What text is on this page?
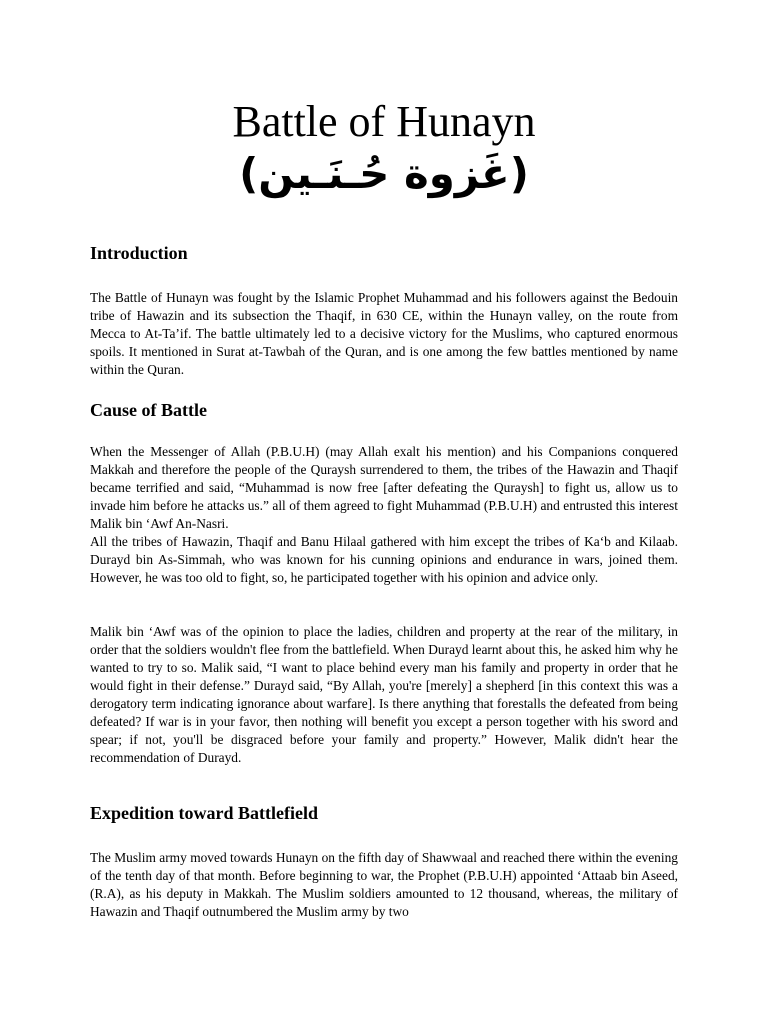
Battle of Hunayn
(غَزوة حُـنَـين)
Introduction

The Battle of Hunayn was fought by the Islamic Prophet Muhammad and his followers against the Bedouin tribe of Hawazin and its subsection the Thaqif, in 630 CE, within the Hunayn valley, on the route from Mecca to At-Ta’if. The battle ultimately led to a decisive victory for the Muslims, who captured enormous spoils. It mentioned in Surat at-Tawbah of the Quran, and is one among the few battles mentioned by name within the Quran.

Cause of Battle

When the Messenger of Allah (P.B.U.H) (may Allah exalt his mention) and his Companions conquered Makkah and therefore the people of the Quraysh surrendered to them, the tribes of the Hawazin and Thaqif became terrified and said, “Muhammad is now free [after defeating the Quraysh] to fight us, allow us to invade him before he attacks us.” all of them agreed to fight Muhammad (P.B.U.H) and entrusted this interest Malik bin ‘Awf An-Nasri.

All the tribes of Hawazin, Thaqif and Banu Hilaal gathered with him except the tribes of Ka‘b and Kilaab. Durayd bin As-Simmah, who was known for his cunning opinions and endurance in wars, joined them. However, he was too old to fight, so, he participated together with his opinion and advice only.

Malik bin ‘Awf was of the opinion to place the ladies, children and property at the rear of the military, in order that the soldiers wouldn't flee from the battlefield. When Durayd learnt about this, he asked him why he wanted to try to so. Malik said, “I want to place behind every man his family and property in order that he would fight in their defense.” Durayd said, “By Allah, you're [merely] a shepherd [in this context this was a derogatory term indicating ignorance about warfare]. Is there anything that forestalls the defeated from being defeated? If war is in your favor, then nothing will benefit you except a person together with his sword and spear; if not, you'll be disgraced before your family and property.” However, Malik didn't hear the recommendation of Durayd.

Expedition toward Battlefield

The Muslim army moved towards Hunayn on the fifth day of Shawwaal and reached there within the evening of the tenth day of that month. Before beginning to war, the Prophet (P.B.U.H) appointed ‘Attaab bin Aseed, (R.A), as his deputy in Makkah. The Muslim soldiers amounted to 12 thousand, whereas, the military of Hawazin and Thaqif outnumbered the Muslim army by two
